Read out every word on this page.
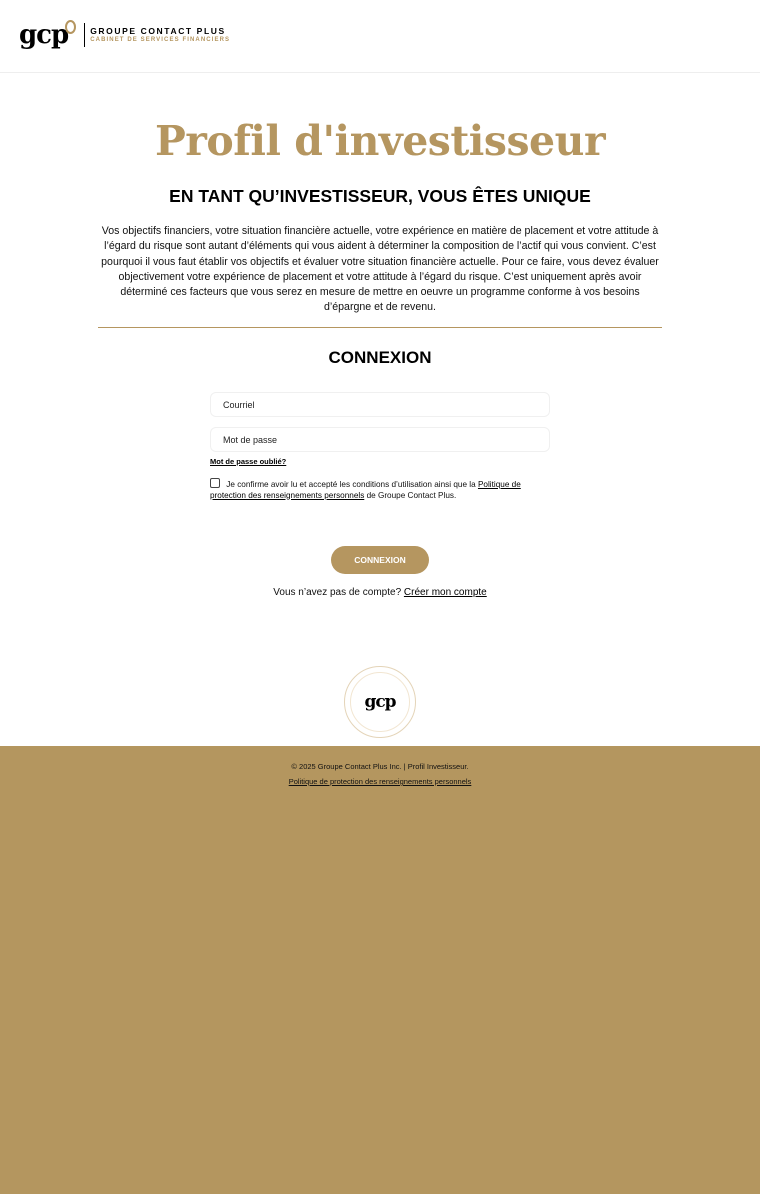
gcp	GROUPE CONTACT PLUS
CABINET DE SERVICES FINANCIERS
Profil d'investisseur
EN TANT QU’INVESTISSEUR, VOUS ÊTES UNIQUE

Vos objectifs financiers, votre situation financière actuelle, votre expérience en matière de placement et votre attitude à l’égard du risque sont autant d’éléments qui vous aident à déterminer la composition de l’actif qui vous convient. C’est pourquoi il vous faut établir vos objectifs et évaluer votre situation financière actuelle. Pour ce faire, vous devez évaluer objectivement votre expérience de placement et votre attitude à l’égard du risque. C’est uniquement après avoir déterminé ces facteurs que vous serez en mesure de mettre en oeuvre un programme conforme à vos besoins d’épargne et de revenu.

CONNEXION
Courriel
Mot de passe oublié?
Je confirme avoir lu et accepté les conditions d’utilisation ainsi que la Politique de protection des renseignements personnels de Groupe Contact Plus.
CONNEXION
Vous n’avez pas de compte? Créer mon compte
gcp
© 2025 Groupe Contact Plus Inc. | Profil Investisseur.
Politique de protection des renseignements personnels
